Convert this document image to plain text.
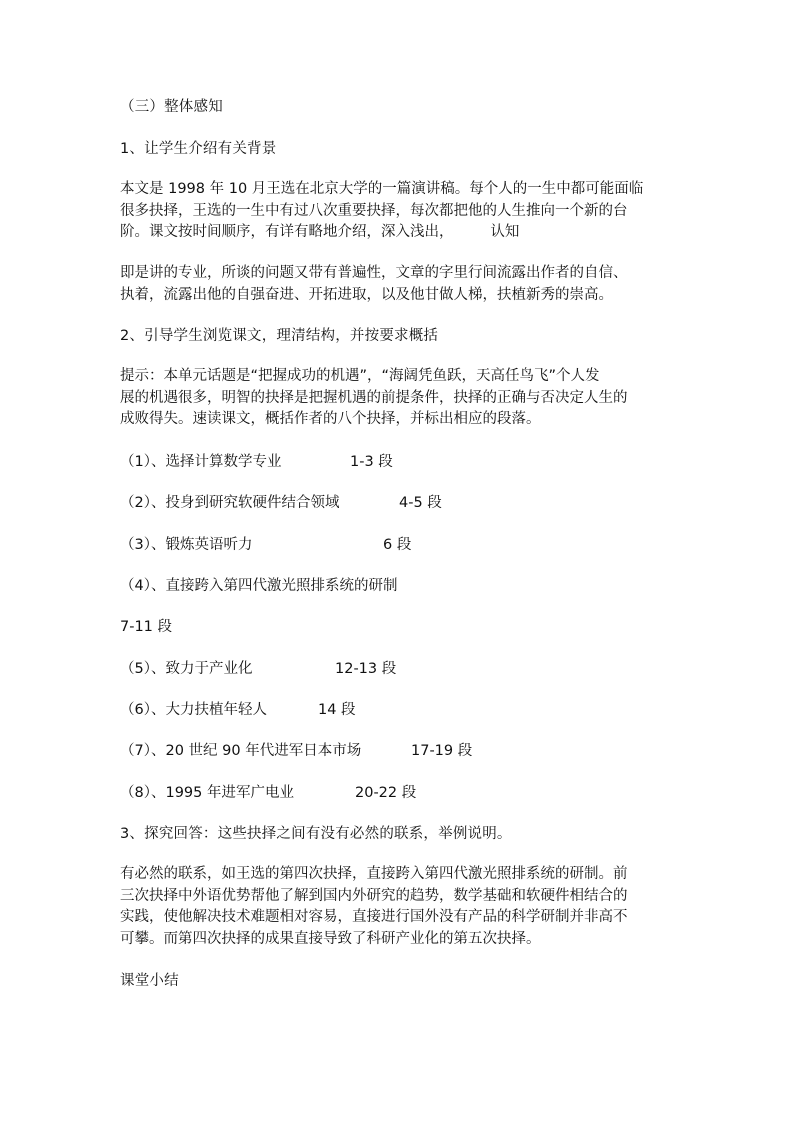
（三）整体感知
1、让学生介绍有关背景
本文是 1998 年 10 月王选在北京大学的一篇演讲稿。每个人的一生中都可能面临
很多抉择，王选的一生中有过八次重要抉择，每次都把他的人生推向一个新的台
阶。课文按时间顺序，有详有略地介绍，深入浅出，        认知
即是讲的专业，所谈的问题又带有普遍性，文章的字里行间流露出作者的自信、
执着，流露出他的自强奋进、开拓进取，以及他甘做人梯，扶植新秀的崇高。
2、引导学生浏览课文，理清结构，并按要求概括
提示：本单元话题是“把握成功的机遇”，“海阔凭鱼跃，天高任鸟飞”个人发
展的机遇很多，明智的抉择是把握机遇的前提条件，抉择的正确与否决定人生的
成败得失。速读课文，概括作者的八个抉择，并标出相应的段落。
（1）、选择计算数学专业	1-3 段
（2）、投身到研究软硬件结合领域	4-5 段
（3）、锻炼英语听力	6 段
（4）、直接跨入第四代激光照排系统的研制
7-11 段
（5）、致力于产业化	12-13 段
（6）、大力扶植年轻人	14 段
（7）、20 世纪 90 年代进军日本市场	17-19 段
（8）、1995 年进军广电业	20-22 段
3、探究回答：这些抉择之间有没有必然的联系，举例说明。
有必然的联系，如王选的第四次抉择，直接跨入第四代激光照排系统的研制。前
三次抉择中外语优势帮他了解到国内外研究的趋势，数学基础和软硬件相结合的
实践，使他解决技术难题相对容易，直接进行国外没有产品的科学研制并非高不
可攀。而第四次抉择的成果直接导致了科研产业化的第五次抉择。
课堂小结
